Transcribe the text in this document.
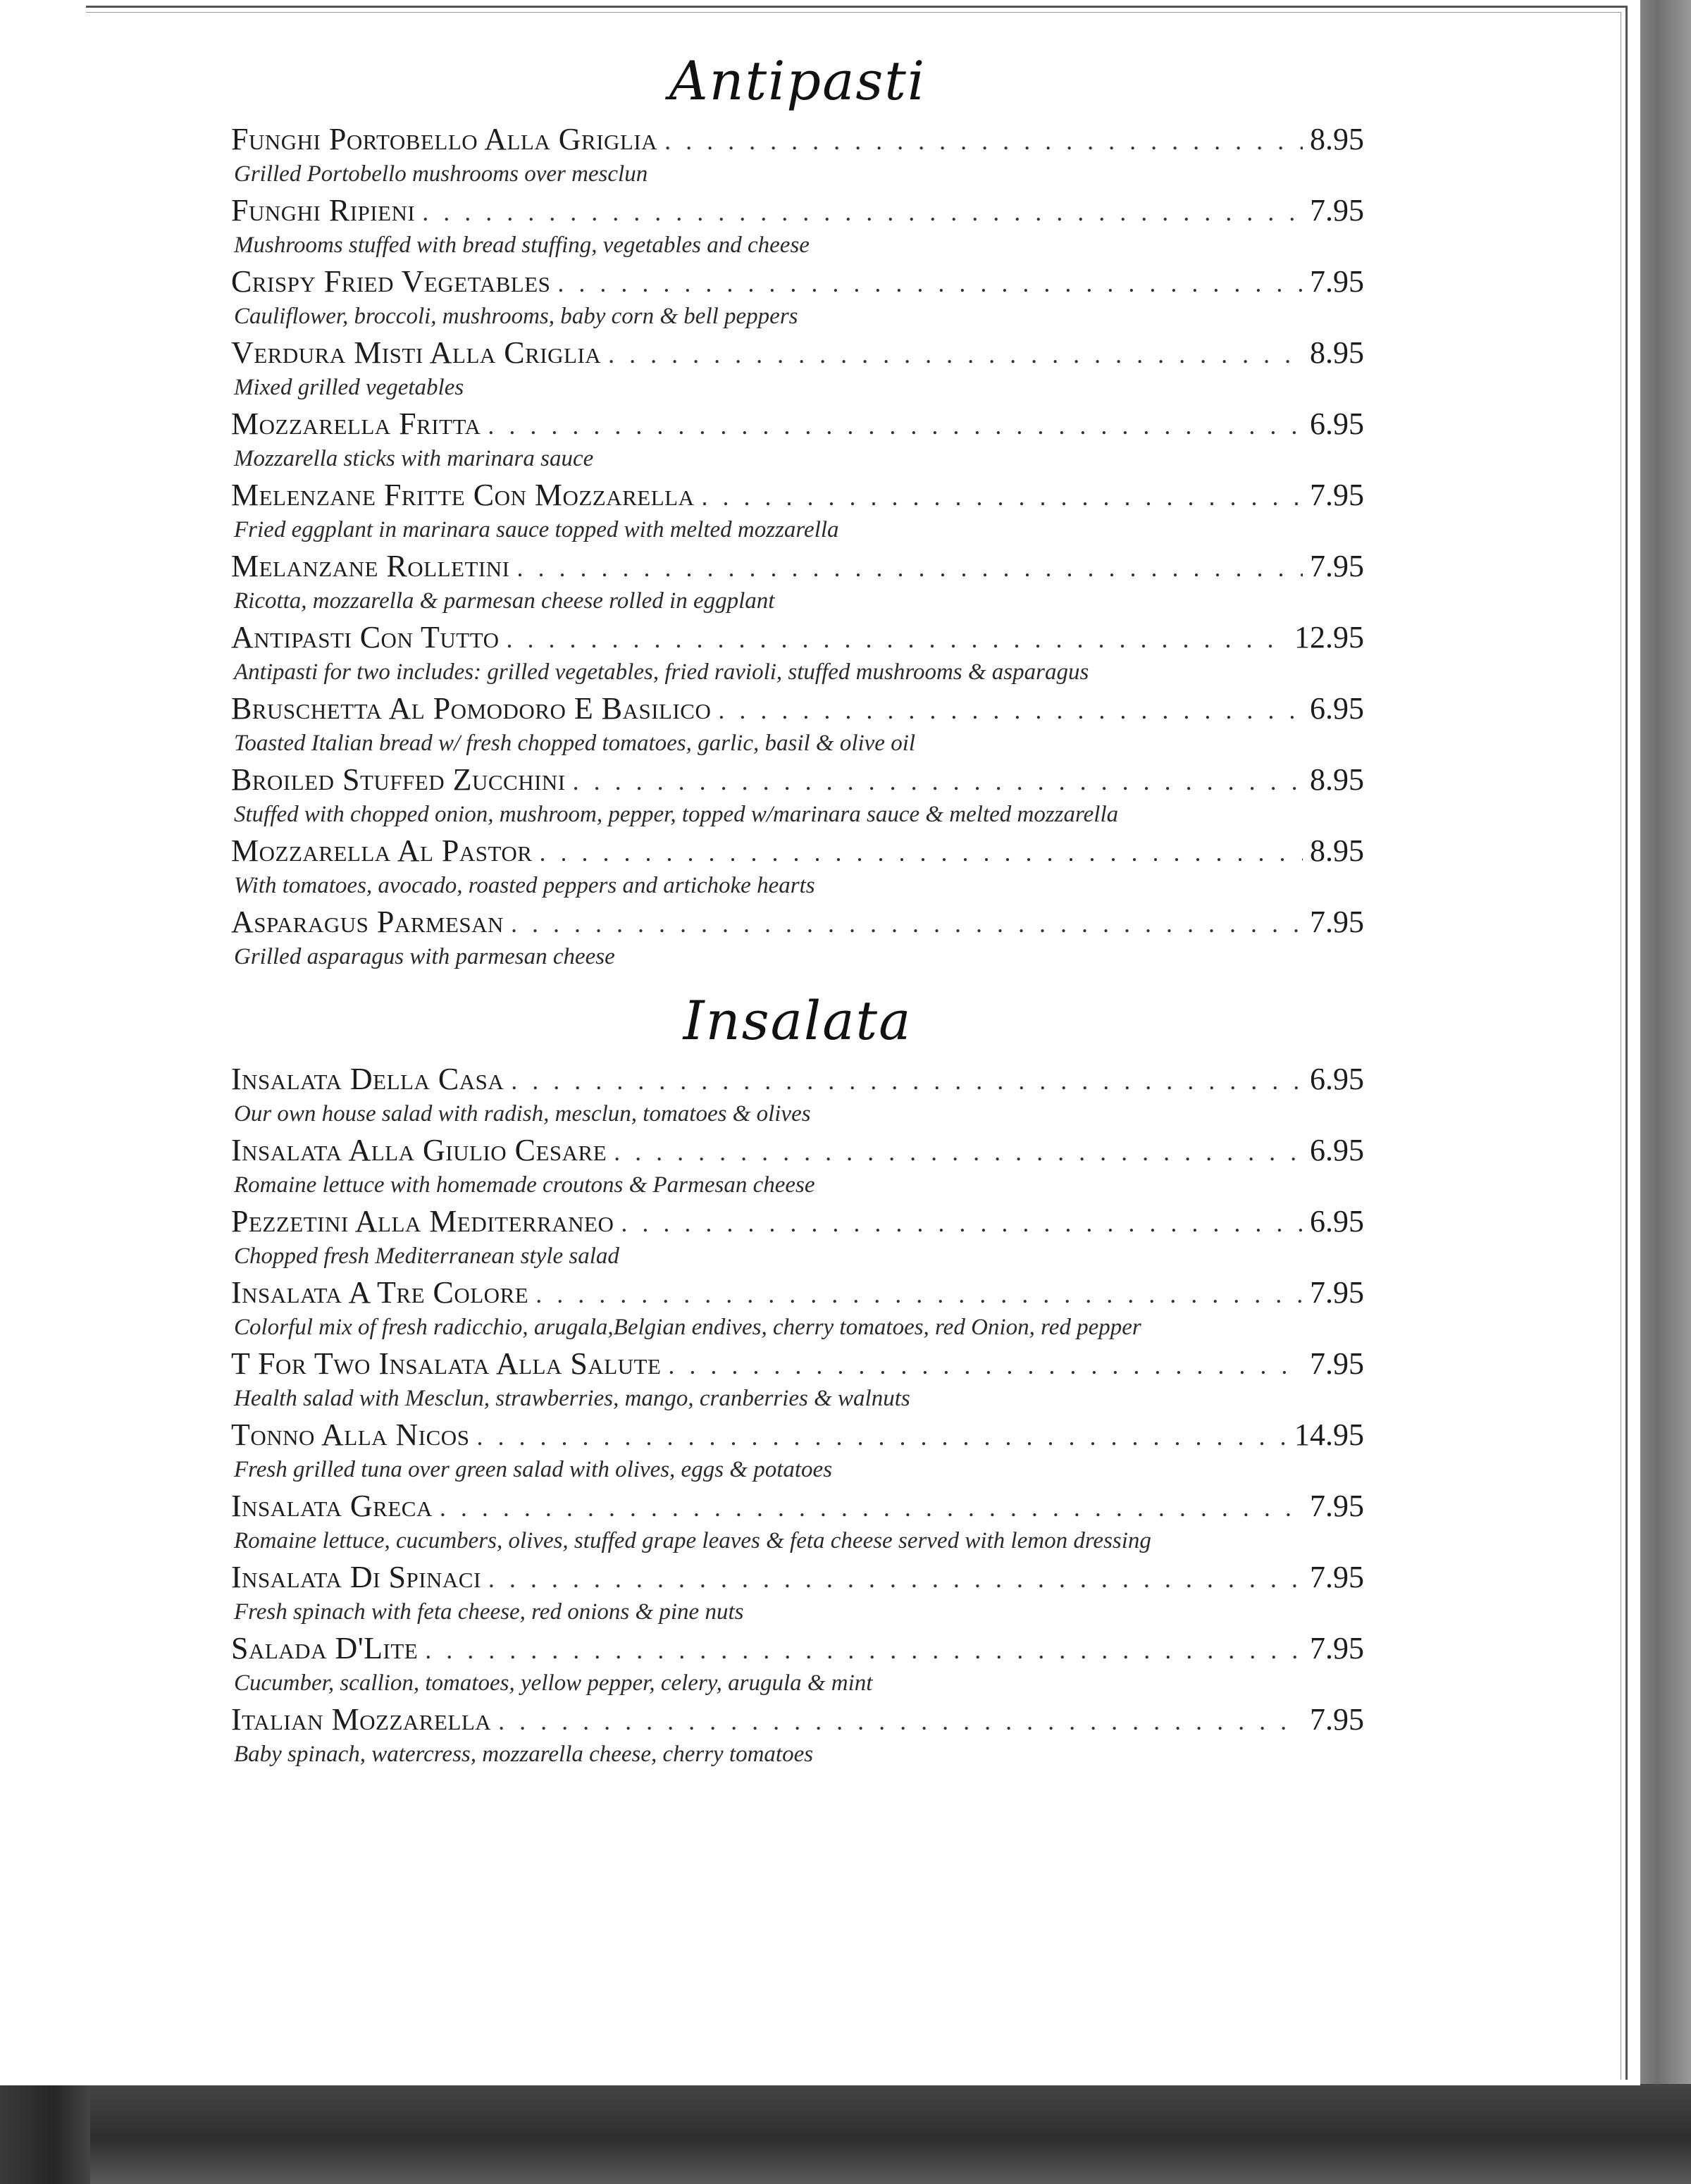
Antipasti
Funghi Portobello Alla Griglia . . .	8.95
Grilled Portobello mushrooms over mesclun
Funghi Ripieni . . .	7.95
Mushrooms stuffed with bread stuffing, vegetables and cheese
Crispy Fried Vegetables . . .	7.95
Cauliflower, broccoli, mushrooms, baby corn & bell peppers
Verdura Misti Alla Criglia . . .	8.95
Mixed grilled vegetables
Mozzarella Fritta . . .	6.95
Mozzarella sticks with marinara sauce
Melenzane Fritte Con Mozzarella . . .	7.95
Fried eggplant in marinara sauce topped with melted mozzarella
Melanzane Rolletini . . .	7.95
Ricotta, mozzarella & parmesan cheese rolled in eggplant
Antipasti Con Tutto . . .	12.95
Antipasti for two includes: grilled vegetables, fried ravioli, stuffed mushrooms & asparagus
Bruschetta Al Pomodoro E Basilico . . .	6.95
Toasted Italian bread w/ fresh chopped tomatoes, garlic, basil & olive oil
Broiled Stuffed Zucchini . . .	8.95
Stuffed with chopped onion, mushroom, pepper, topped w/marinara sauce & melted mozzarella
Mozzarella Al Pastor . . .	8.95
With tomatoes, avocado, roasted peppers and artichoke hearts
Asparagus Parmesan . . .	7.95
Grilled asparagus with parmesan cheese
Insalata
Insalata Della Casa . . .	6.95
Our own house salad with radish, mesclun, tomatoes & olives
Insalata Alla Giulio Cesare . . .	6.95
Romaine lettuce with homemade croutons & Parmesan cheese
Pezzetini Alla Mediterraneo . . .	6.95
Chopped fresh Mediterranean style salad
Insalata A Tre Colore . . .	7.95
Colorful mix of fresh radicchio, arugala,Belgian endives, cherry tomatoes, red Onion, red pepper
T For Two Insalata Alla Salute . . .	7.95
Health salad with Mesclun, strawberries, mango, cranberries & walnuts
Tonno Alla Nicos . . .	14.95
Fresh grilled tuna over green salad with olives, eggs & potatoes
Insalata Greca . . .	7.95
Romaine lettuce, cucumbers, olives, stuffed grape leaves & feta cheese served with lemon dressing
Insalata Di Spinaci . . .	7.95
Fresh spinach with feta cheese, red onions & pine nuts
Salada D'Lite . . .	7.95
Cucumber, scallion, tomatoes, yellow pepper, celery, arugula & mint
Italian Mozzarella . . .	7.95
Baby spinach, watercress, mozzarella cheese, cherry tomatoes
